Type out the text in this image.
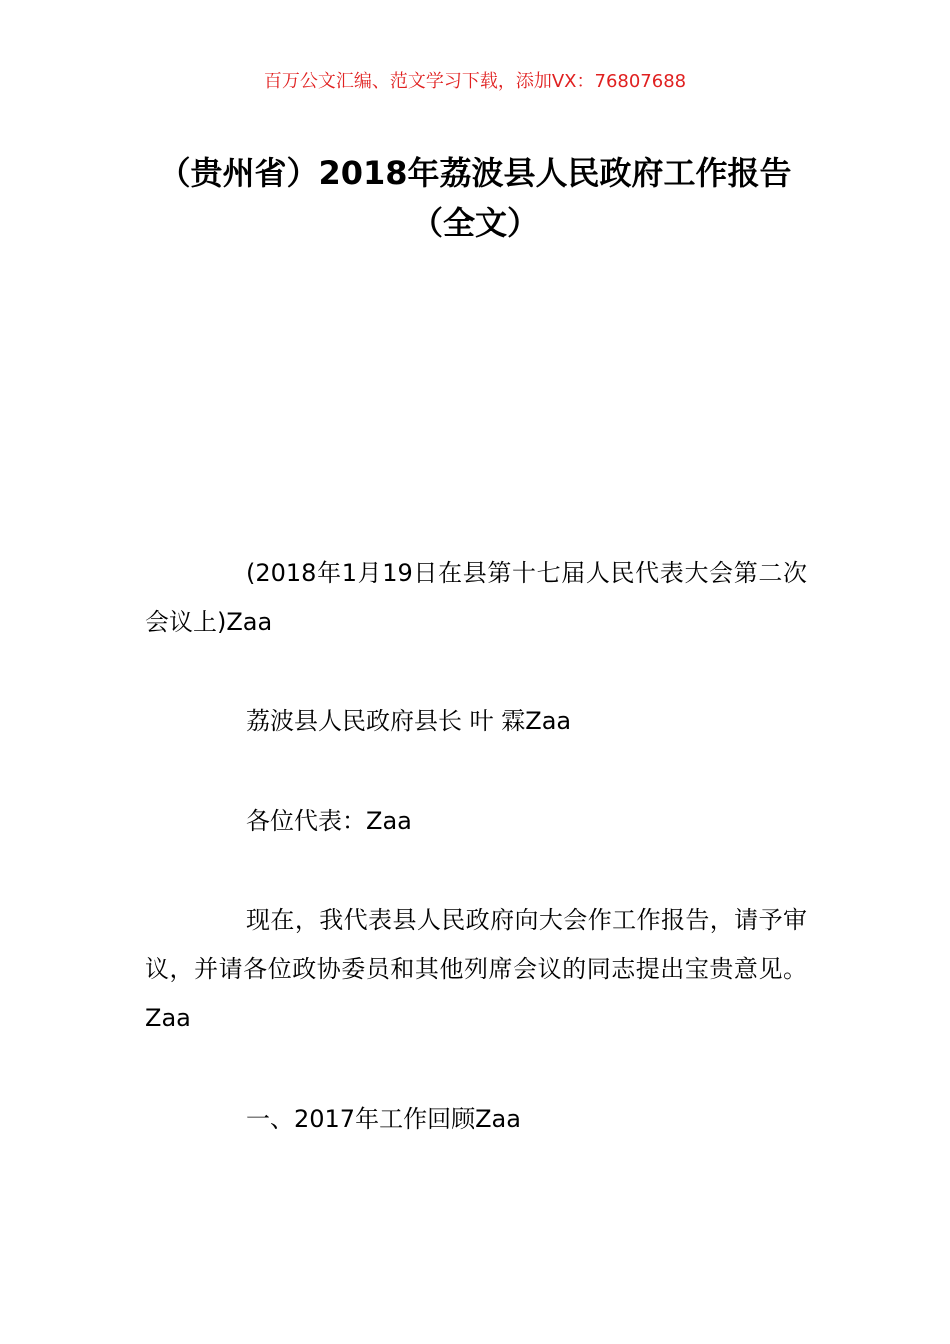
百万公文汇编、范文学习下载，添加VX：76807688
（贵州省）2018年荔波县人民政府工作报告（全文）

(2018年1月19日在县第十七届人民代表大会第二次会议上)Zaa

荔波县人民政府县长 叶 霖Zaa

各位代表：Zaa

现在，我代表县人民政府向大会作工作报告，请予审议，并请各位政协委员和其他列席会议的同志提出宝贵意见。Zaa

一、2017年工作回顾Zaa
